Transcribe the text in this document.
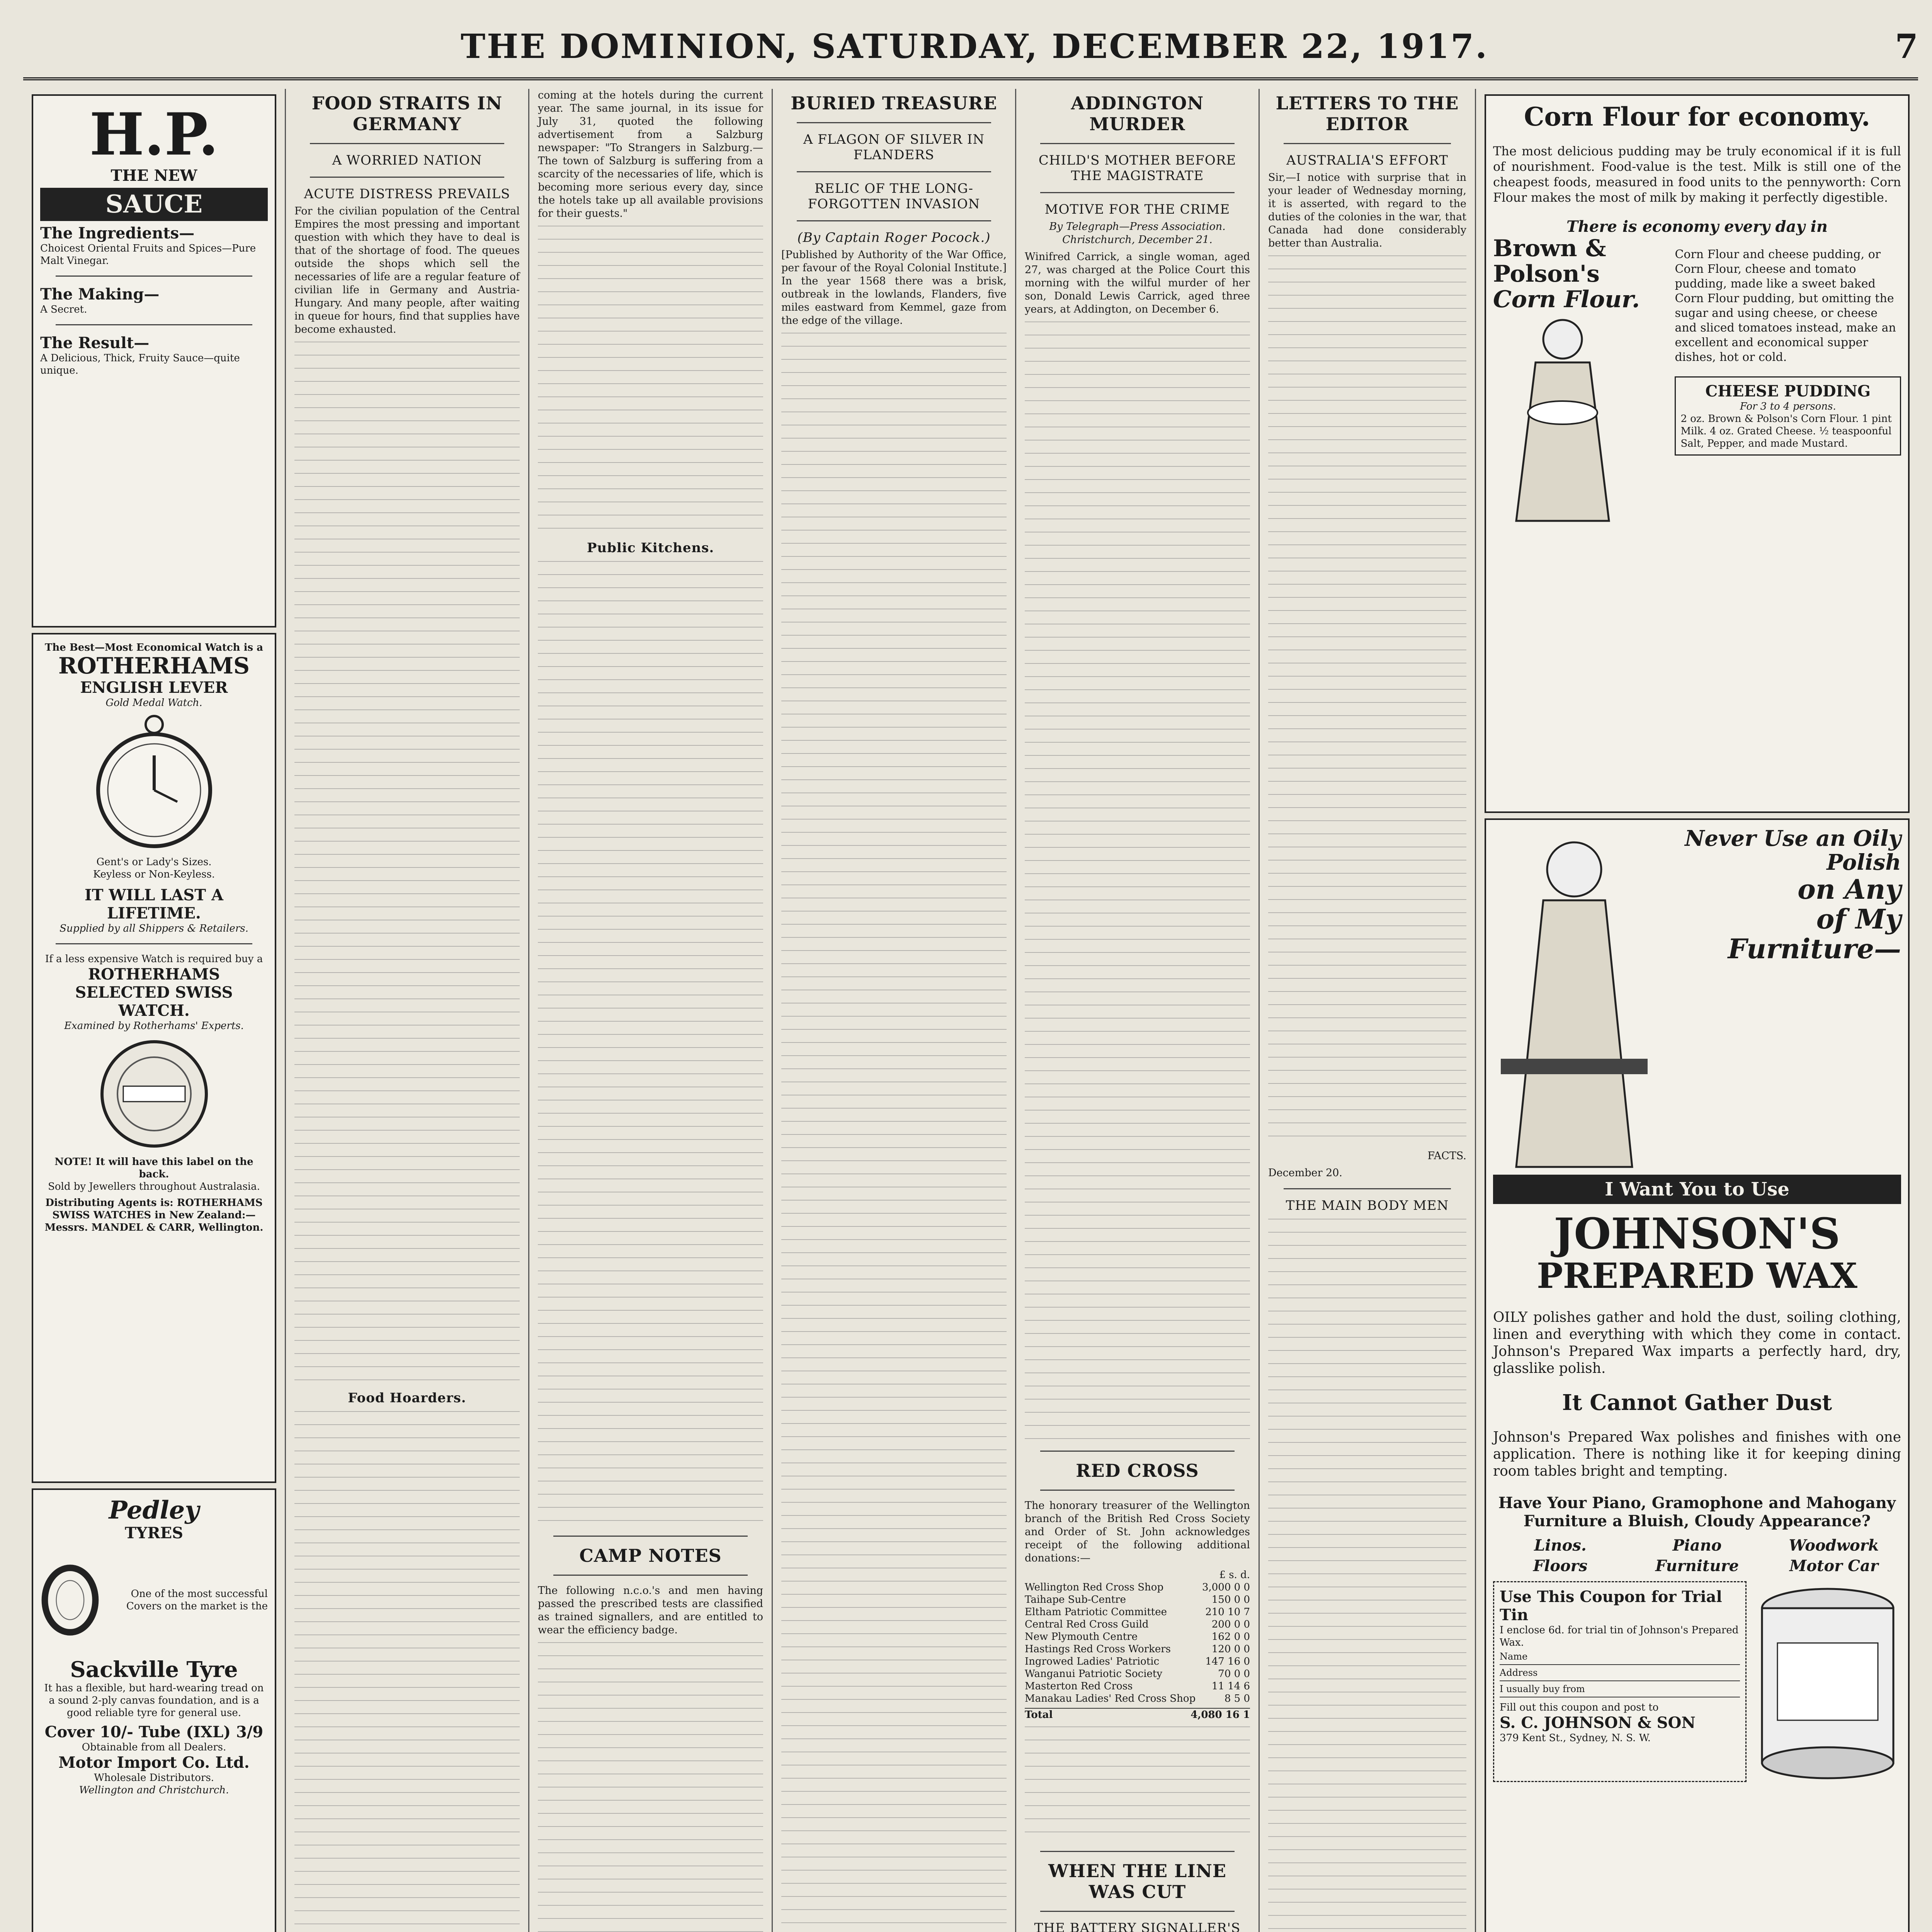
THE DOMINION, SATURDAY, DECEMBER 22, 1917.	7
H.P.
THE NEW
SAUCE
The Ingredients—
Choicest Oriental Fruits and Spices—Pure Malt Vinegar.
The Making—
A Secret.
The Result—
A Delicious, Thick, Fruity Sauce—quite unique.
The Best—Most Economical Watch is a
ROTHERHAMS
ENGLISH LEVER
Gold Medal Watch.
Gent's or Lady's Sizes.
Keyless or Non-Keyless.
IT WILL LAST A LIFETIME.
Supplied by all Shippers & Retailers.
If a less expensive Watch is required buy a
ROTHERHAMS SELECTED SWISS WATCH.
Examined by Rotherhams' Experts.
NOTE! It will have this label on the back.
Sold by Jewellers throughout Australasia.
Distributing Agents is: ROTHERHAMS SWISS WATCHES in New Zealand:— Messrs. MANDEL & CARR, Wellington.
Pedley
TYRES
One of the most successful Covers on the market is the
Sackville Tyre
It has a flexible, but hard-wearing tread on a sound 2-ply canvas foundation, and is a good reliable tyre for general use.
Cover 10/- Tube (IXL) 3/9
Obtainable from all Dealers.
Motor Import Co. Ltd.
Wholesale Distributors.
Wellington and Christchurch.
FOOD STRAITS IN GERMANY
A WORRIED NATION
ACUTE DISTRESS PREVAILS

For the civilian population of the Central Empires the most pressing and important question with which they have to deal is that of the shortage of food. The queues outside the shops which sell the necessaries of life are a regular feature of civilian life in Germany and Austria-Hungary. And many people, after waiting in queue for hours, find that supplies have become exhausted.

Food Hoarders.

coming at the hotels during the current year. The same journal, in its issue for July 31, quoted the following advertisement from a Salzburg newspaper: "To Strangers in Salzburg.—The town of Salzburg is suffering from a scarcity of the necessaries of life, which is becoming more serious every day, since the hotels take up all available provisions for their guests."

Public Kitchens.
CAMP NOTES

The following n.c.o.'s and men having passed the prescribed tests are classified as trained signallers, and are entitled to wear the efficiency badge.

BURIED TREASURE
A FLAGON OF SILVER IN FLANDERS
RELIC OF THE LONG-FORGOTTEN INVASION
(By Captain Roger Pocock.)

[Published by Authority of the War Office, per favour of the Royal Colonial Institute.] In the year 1568 there was a brisk, outbreak in the lowlands, Flanders, five miles eastward from Kemmel, gaze from the edge of the village.

ADDINGTON MURDER
CHILD'S MOTHER BEFORE THE MAGISTRATE
MOTIVE FOR THE CRIME

By Telegraph—Press Association. Christchurch, December 21.

Winifred Carrick, a single woman, aged 27, was charged at the Police Court this morning with the wilful murder of her son, Donald Lewis Carrick, aged three years, at Addington, on December 6.

RED CROSS

The honorary treasurer of the Wellington branch of the British Red Cross Society and Order of St. John acknowledges receipt of the following additional donations:—

£ s. d.
Wellington Red Cross Shop	3,000 0 0
Taihape Sub-Centre	150 0 0
Eltham Patriotic Committee	210 10 7
Central Red Cross Guild	200 0 0
New Plymouth Centre	162 0 0
Hastings Red Cross Workers	120 0 0
Ingrowed Ladies' Patriotic	147 16 0
Wanganui Patriotic Society	70 0 0
Masterton Red Cross	11 14 6
Manakau Ladies' Red Cross Shop	8 5 0
Total	4,080 16 1
WHEN THE LINE WAS CUT
THE BATTERY SIGNALLER'S

LETTERS TO THE EDITOR
AUSTRALIA'S EFFORT

Sir,—I notice with surprise that in your leader of Wednesday morning, it is asserted, with regard to the duties of the colonies in the war, that Canada had done considerably better than Australia.

FACTS.
December 20.
THE MAIN BODY MEN

Corn Flour for economy.

The most delicious pudding may be truly economical if it is full of nourishment. Food-value is the test. Milk is still one of the cheapest foods, measured in food units to the pennyworth: Corn Flour makes the most of milk by making it perfectly digestible.

There is economy every day in
Brown & Polson's
Corn Flour.

Corn Flour and cheese pudding, or Corn Flour, cheese and tomato pudding, made like a sweet baked Corn Flour pudding, but omitting the sugar and using cheese, or cheese and sliced tomatoes instead, make an excellent and economical supper dishes, hot or cold.

CHEESE PUDDING
For 3 to 4 persons.
2 oz. Brown & Polson's Corn Flour. 1 pint Milk. 4 oz. Grated Cheese. ½ teaspoonful Salt, Pepper, and made Mustard.
Never Use an Oily Polish
on Any
of My
Furniture—
I Want You to Use
JOHNSON'S
PREPARED WAX

OILY polishes gather and hold the dust, soiling clothing, linen and everything with which they come in contact. Johnson's Prepared Wax imparts a perfectly hard, dry, glasslike polish.

It Cannot Gather Dust

Johnson's Prepared Wax polishes and finishes with one application. There is nothing like it for keeping dining room tables bright and tempting.

Have Your Piano, Gramophone and Mahogany Furniture a Bluish, Cloudy Appearance?
Linos.	Piano	Woodwork
Floors	Furniture	Motor Car
Use This Coupon for Trial Tin
I enclose 6d. for trial tin of Johnson's Prepared Wax.
Name
Address
I usually buy from
Fill out this coupon and post to
S. C. JOHNSON & SON
379 Kent St., Sydney, N. S. W.
